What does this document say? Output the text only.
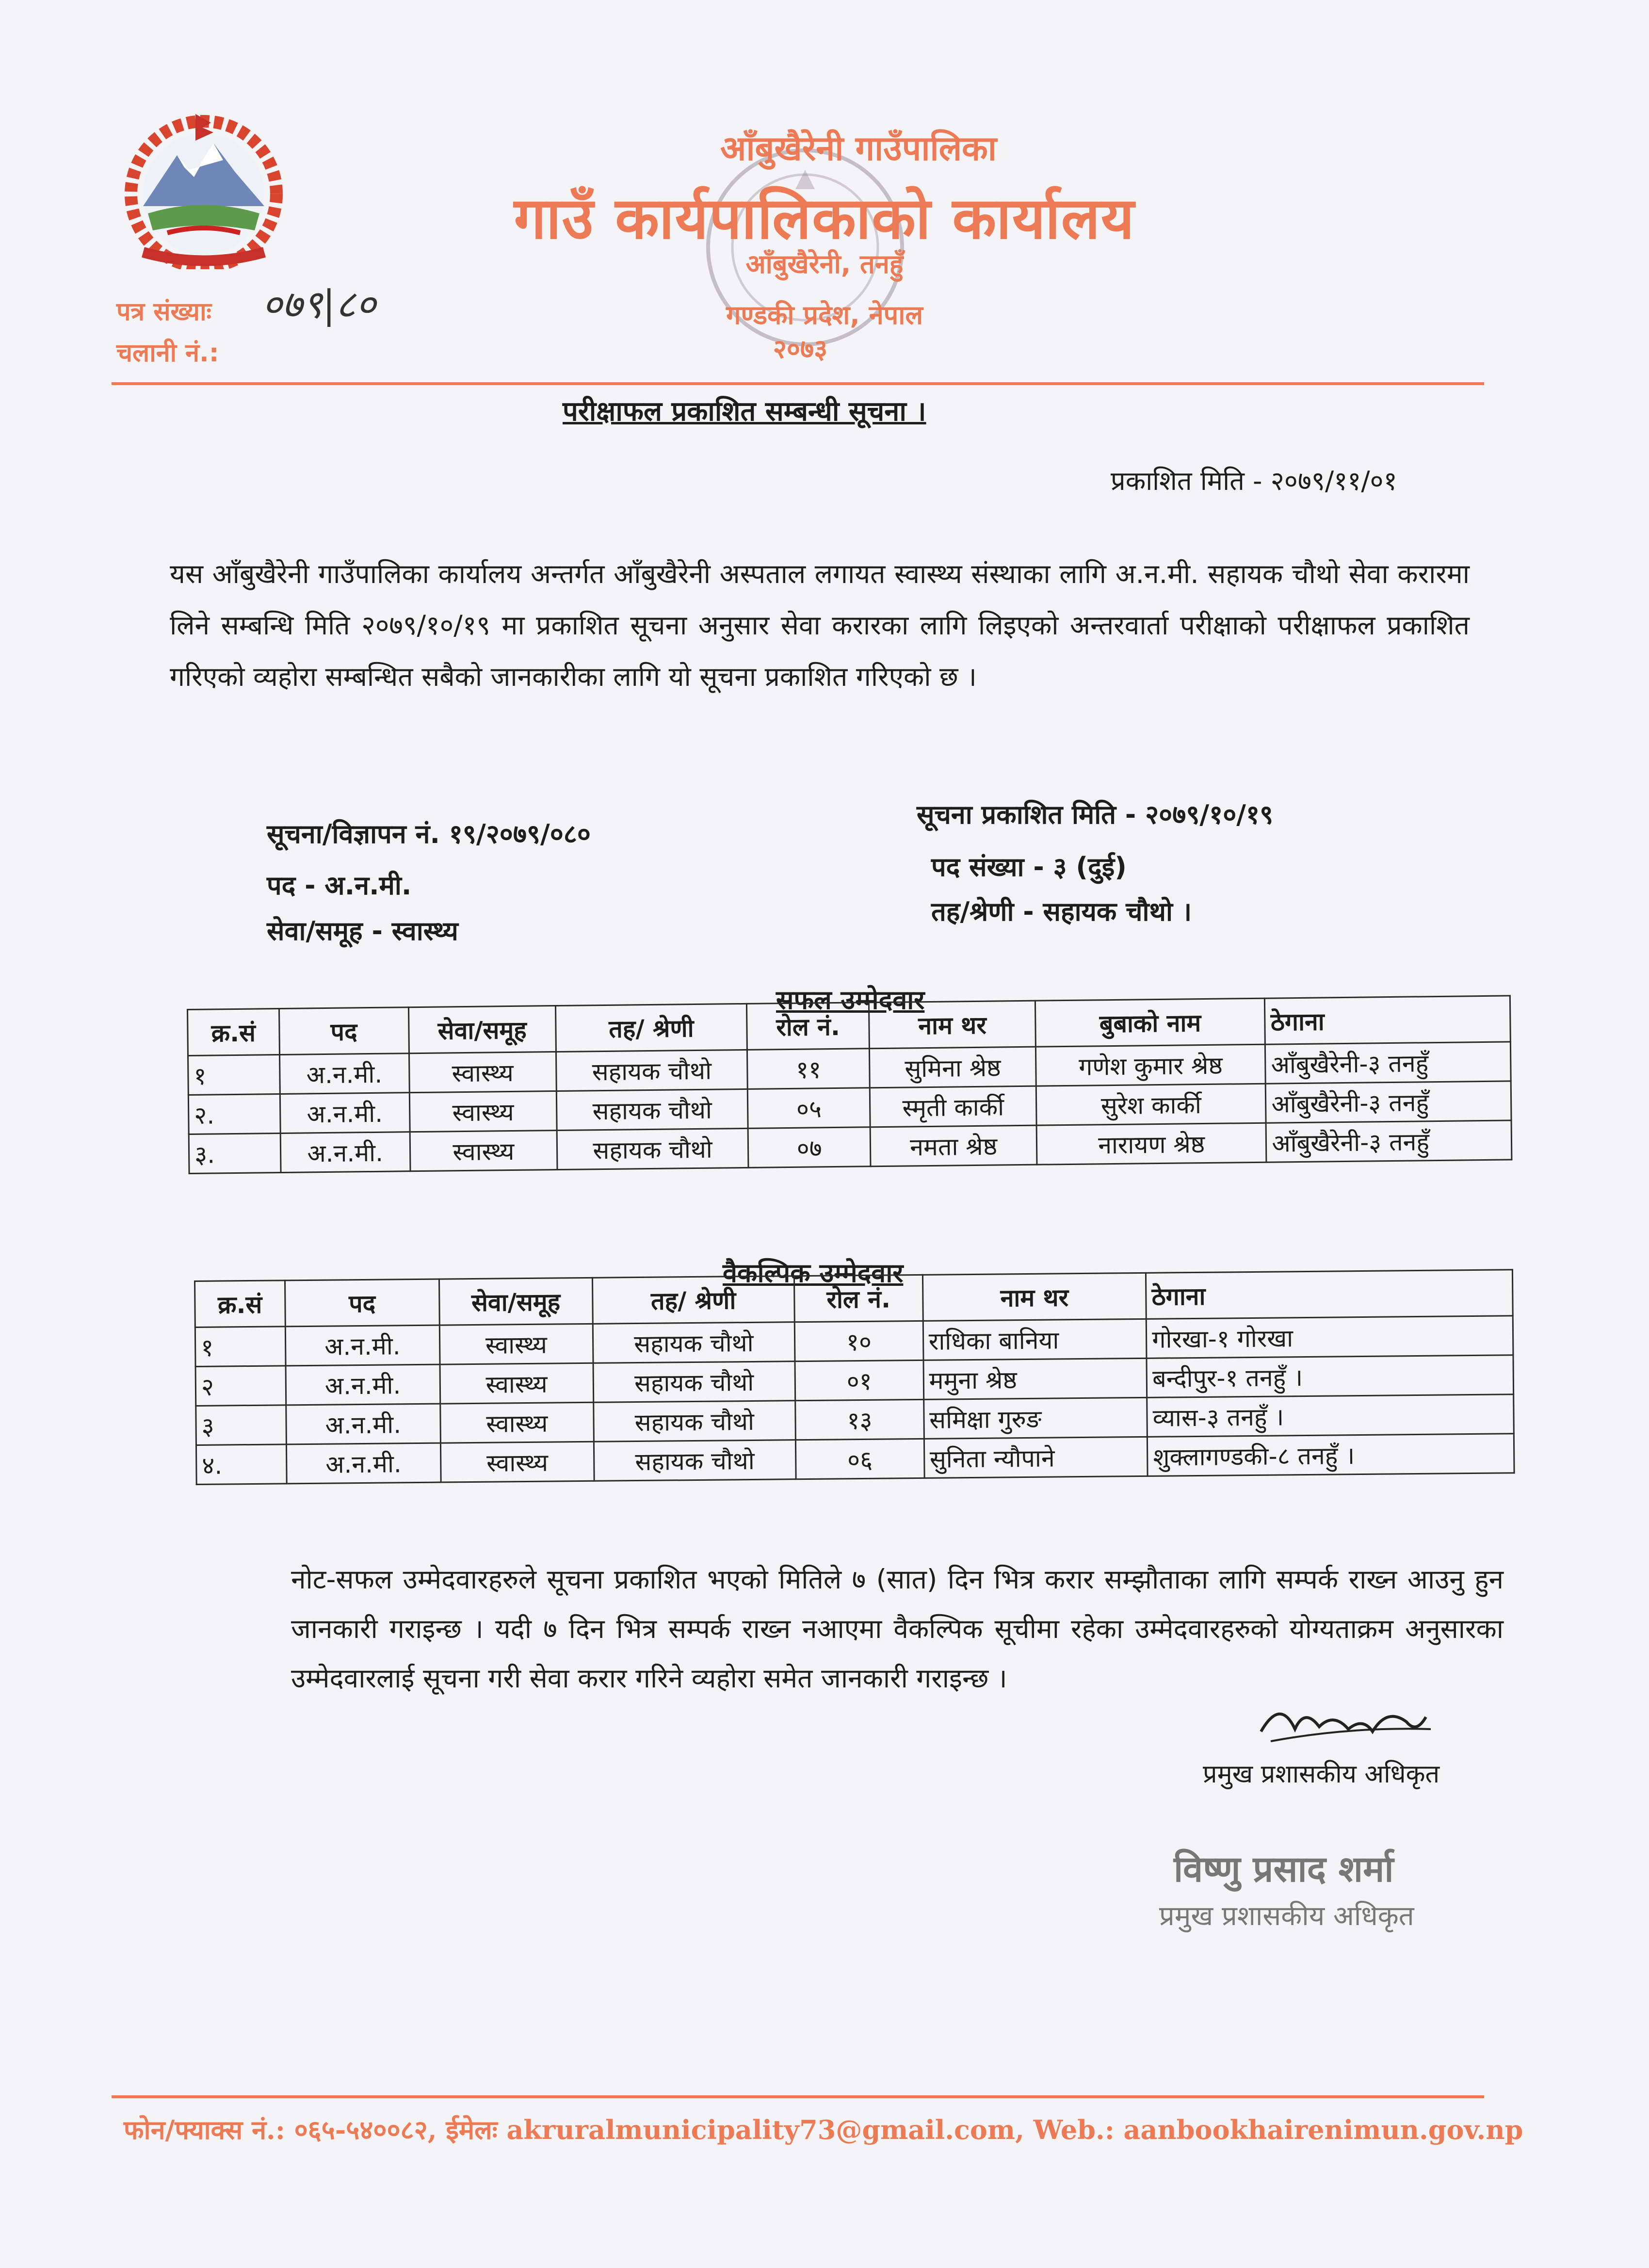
आँबुखैरेनी गाउँपालिका
गाउँ कार्यपालिकाको कार्यालय
आँबुखैरेनी, तनहुँ
गण्डकी प्रदेश, नेपाल
२०७३
पत्र संख्याः ०७९|८०
चलानी नं.:
परीक्षाफल प्रकाशित सम्बन्धी सूचना ।
प्रकाशित मिति - २०७९/११/०१
यस आँबुखैरेनी गाउँपालिका कार्यालय अन्तर्गत आँबुखैरेनी अस्पताल लगायत स्वास्थ्य संस्थाका लागि अ.न.मी. सहायक चौथो सेवा करारमा लिने सम्बन्धि मिति २०७९/१०/१९ मा प्रकाशित सूचना अनुसार सेवा करारका लागि लिइएको अन्तरवार्ता परीक्षाको परीक्षाफल प्रकाशित गरिएको व्यहोरा सम्बन्धित सबैको जानकारीका लागि यो सूचना प्रकाशित गरिएको छ ।
सूचना/विज्ञापन नं. १९/२०७९/०८०
पद - अ.न.मी.
सेवा/समूह - स्वास्थ्य
सूचना प्रकाशित मिति - २०७९/१०/१९
पद संख्या - ३ (दुई)
तह/श्रेणी - सहायक चौथो ।
सफल उम्मेदवार
क्र.सं	पद	सेवा/समूह	तह/ श्रेणी	रोल नं.	नाम थर	बुबाको नाम	ठेगाना
१	अ.न.मी.	स्वास्थ्य	सहायक चौथो	११	सुमिना श्रेष्ठ	गणेश कुमार श्रेष्ठ	आँबुखैरेनी-३ तनहुँ
२.	अ.न.मी.	स्वास्थ्य	सहायक चौथो	०५	स्मृती कार्की	सुरेश कार्की	आँबुखैरेनी-३ तनहुँ
३.	अ.न.मी.	स्वास्थ्य	सहायक चौथो	०७	नमता श्रेष्ठ	नारायण श्रेष्ठ	आँबुखैरेनी-३ तनहुँ
वैकल्पिक उम्मेदवार
क्र.सं	पद	सेवा/समूह	तह/ श्रेणी	रोल नं.	नाम थर	ठेगाना
१	अ.न.मी.	स्वास्थ्य	सहायक चौथो	१०	राधिका बानिया	गोरखा-१ गोरखा
२	अ.न.मी.	स्वास्थ्य	सहायक चौथो	०१	ममुना श्रेष्ठ	बन्दीपुर-१ तनहुँ ।
३	अ.न.मी.	स्वास्थ्य	सहायक चौथो	१३	समिक्षा गुरुङ	व्यास-३ तनहुँ ।
४.	अ.न.मी.	स्वास्थ्य	सहायक चौथो	०६	सुनिता न्यौपाने	शुक्लागण्डकी-८ तनहुँ ।
नोट-सफल उम्मेदवारहरुले सूचना प्रकाशित भएको मितिले ७ (सात) दिन भित्र करार सम्झौताका लागि सम्पर्क राख्न आउनु हुन जानकारी गराइन्छ । यदी ७ दिन भित्र सम्पर्क राख्न नआएमा वैकल्पिक सूचीमा रहेका उम्मेदवारहरुको योग्यताक्रम अनुसारका उम्मेदवारलाई सूचना गरी सेवा करार गरिने व्यहोरा समेत जानकारी गराइन्छ ।
प्रमुख प्रशासकीय अधिकृत
विष्णु प्रसाद शर्मा
प्रमुख प्रशासकीय अधिकृत
फोन/फ्याक्स नं.: ०६५-५४००८२, ईमेलः akruralmunicipality73@gmail.com, Web.: aanbookhairenimun.gov.np
